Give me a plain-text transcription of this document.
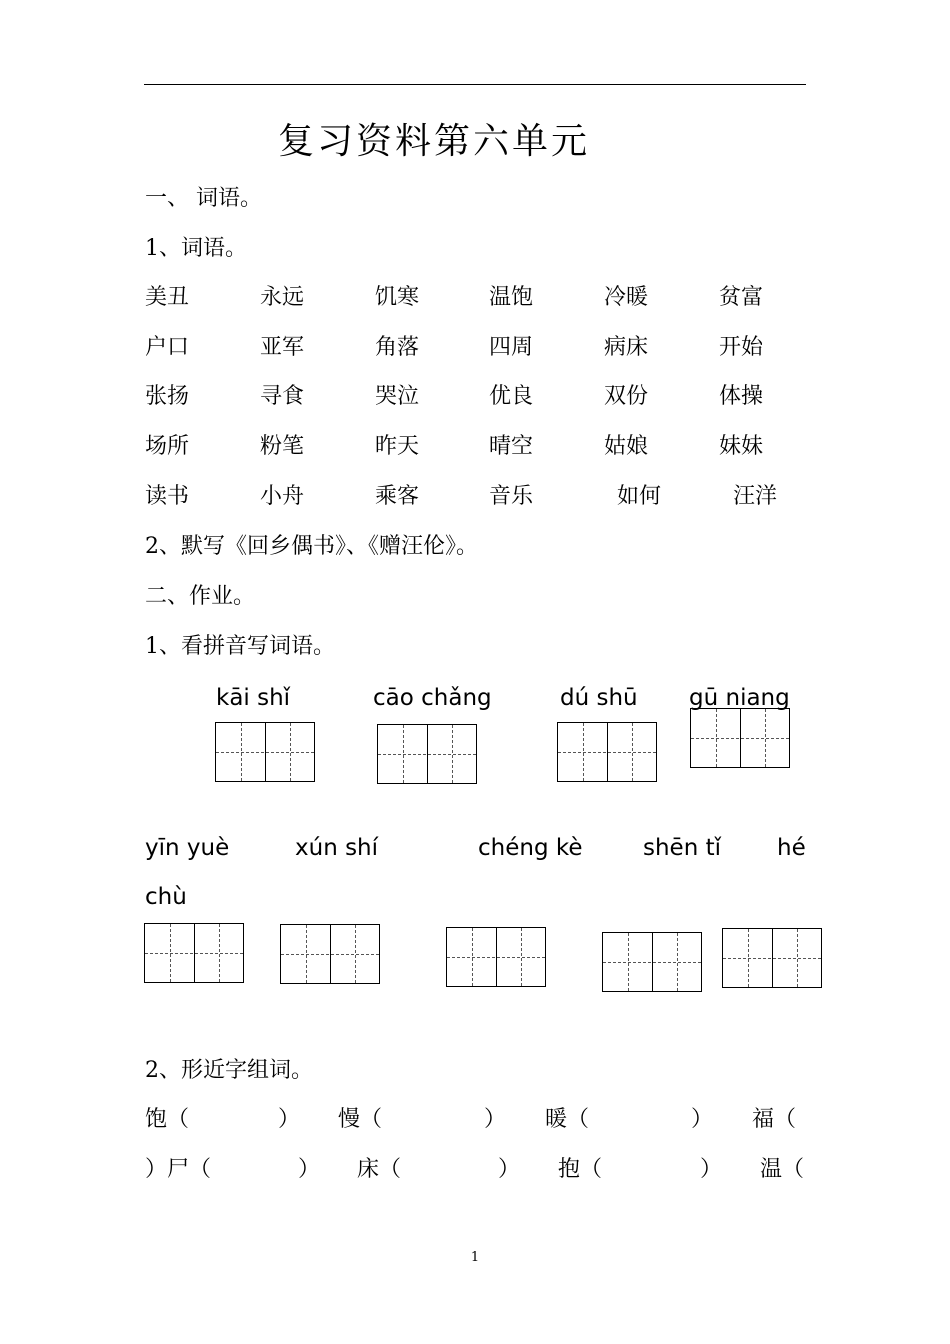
复习资料第六单元
一、 词语。
1、词语。
美丑	永远	饥寒	温饱	冷暖	贫富
户口	亚军	角落	四周	病床	开始
张扬	寻食	哭泣	优良	双份	体操
场所	粉笔	昨天	晴空	姑娘	妹妹
读书	小舟	乘客	音乐	如何	汪洋
2、默写《回乡偶书》、《赠汪伦》。
二、作业。
1、看拼音写词语。
kāi shǐ	cāo chǎng	dú shū gū niang
yīn yuè	xún shí	chéng kè	shēn tǐ hé
chù
2、形近字组词。
饱（	） 慢（	） 暖（	） 福（
）尸（	） 床（	） 抱（	） 温（
1
